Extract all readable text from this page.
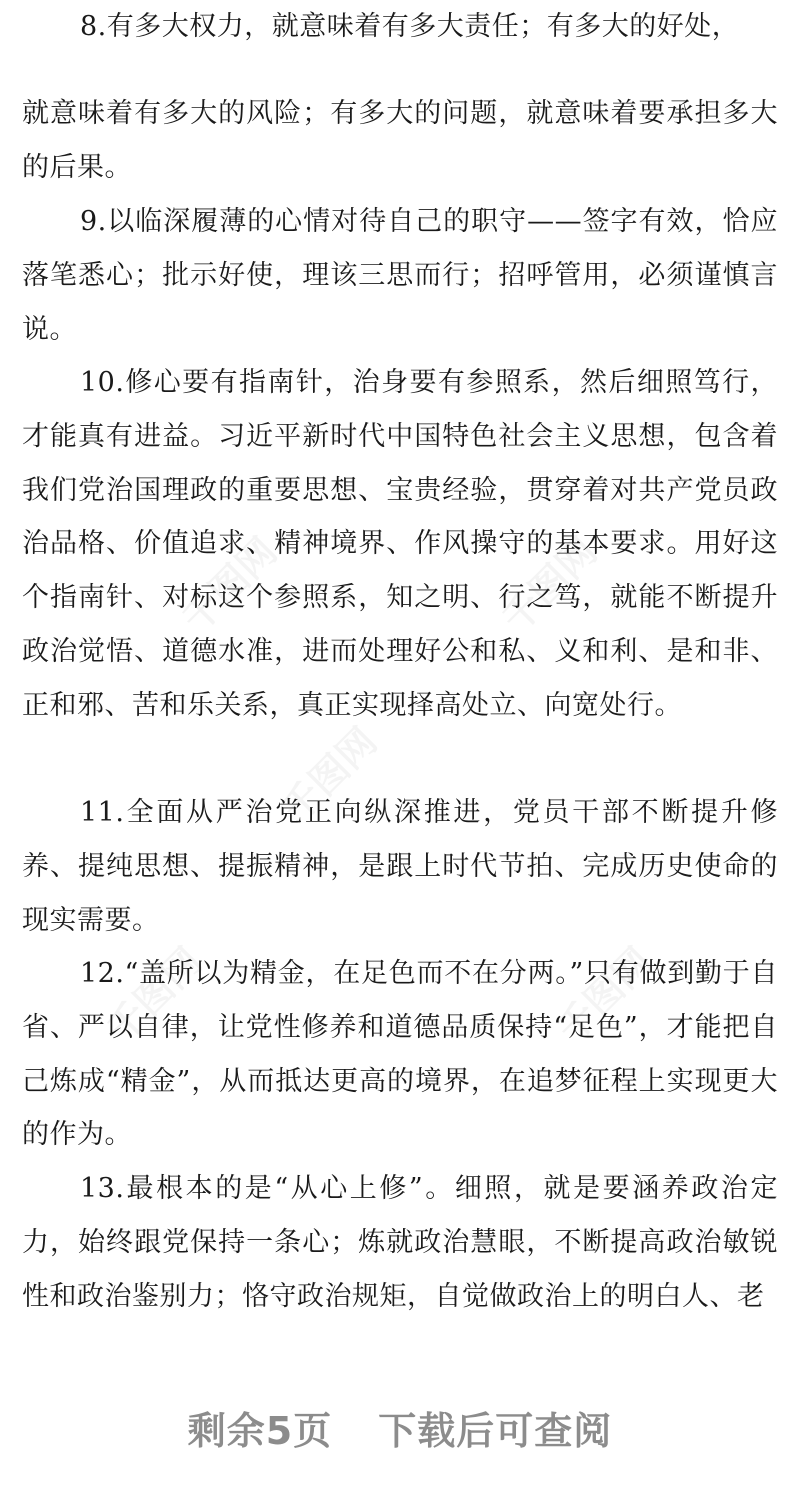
8.有多大权力，就意味着有多大责任；有多大的好处，

就意味着有多大的风险；有多大的问题，就意味着要承担多大的后果。

9.以临深履薄的心情对待自己的职守——签字有效，恰应落笔悉心；批示好使，理该三思而行；招呼管用，必须谨慎言说。

10.修心要有指南针，治身要有参照系，然后细照笃行，才能真有进益。习近平新时代中国特色社会主义思想，包含着我们党治国理政的重要思想、宝贵经验，贯穿着对共产党员政治品格、价值追求、精神境界、作风操守的基本要求。用好这个指南针、对标这个参照系，知之明、行之笃，就能不断提升政治觉悟、道德水准，进而处理好公和私、义和利、是和非、正和邪、苦和乐关系，真正实现择高处立、向宽处行。

11.全面从严治党正向纵深推进，党员干部不断提升修养、提纯思想、提振精神，是跟上时代节拍、完成历史使命的现实需要。

12.“盖所以为精金，在足色而不在分两。”只有做到勤于自省、严以自律，让党性修养和道德品质保持“足色”，才能把自己炼成“精金”，从而抵达更高的境界，在追梦征程上实现更大的作为。

13.最根本的是“从心上修”。细照，就是要涵养政治定力，始终跟党保持一条心；炼就政治慧眼，不断提高政治敏锐性和政治鉴别力；恪守政治规矩，自觉做政治上的明白人、老

剩余5页 下载后可查阅
